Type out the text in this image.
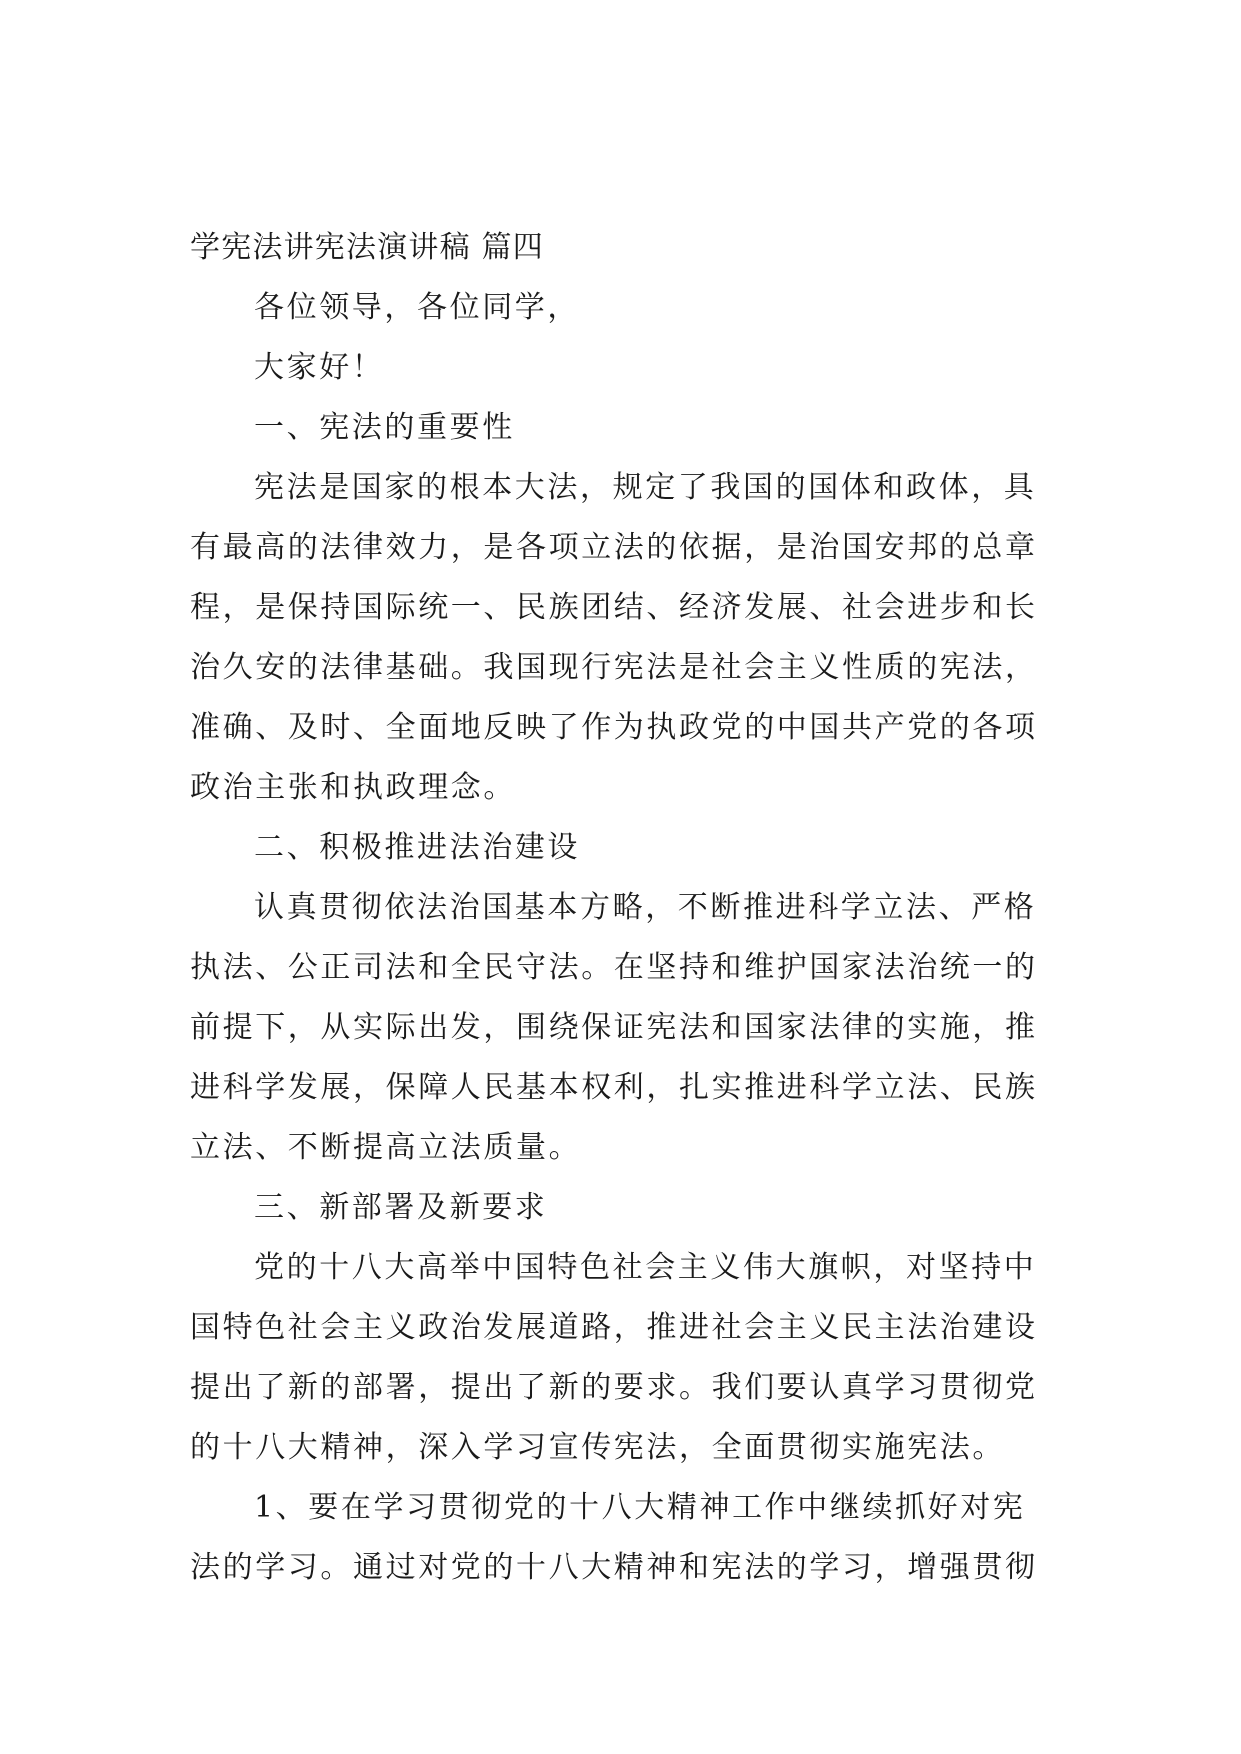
学宪法讲宪法演讲稿 篇四
各位领导，各位同学，
大家好！
一、宪法的重要性
宪法是国家的根本大法，规定了我国的国体和政体，具
有最高的法律效力，是各项立法的依据，是治国安邦的总章
程，是保持国际统一、民族团结、经济发展、社会进步和长
治久安的法律基础。我国现行宪法是社会主义性质的宪法，
准确、及时、全面地反映了作为执政党的中国共产党的各项
政治主张和执政理念。
二、积极推进法治建设
认真贯彻依法治国基本方略，不断推进科学立法、严格
执法、公正司法和全民守法。在坚持和维护国家法治统一的
前提下，从实际出发，围绕保证宪法和国家法律的实施，推
进科学发展，保障人民基本权利，扎实推进科学立法、民族
立法、不断提高立法质量。
三、新部署及新要求
党的十八大高举中国特色社会主义伟大旗帜，对坚持中
国特色社会主义政治发展道路，推进社会主义民主法治建设
提出了新的部署，提出了新的要求。我们要认真学习贯彻党
的十八大精神，深入学习宣传宪法，全面贯彻实施宪法。
1、要在学习贯彻党的十八大精神工作中继续抓好对宪
法的学习。通过对党的十八大精神和宪法的学习，增强贯彻
